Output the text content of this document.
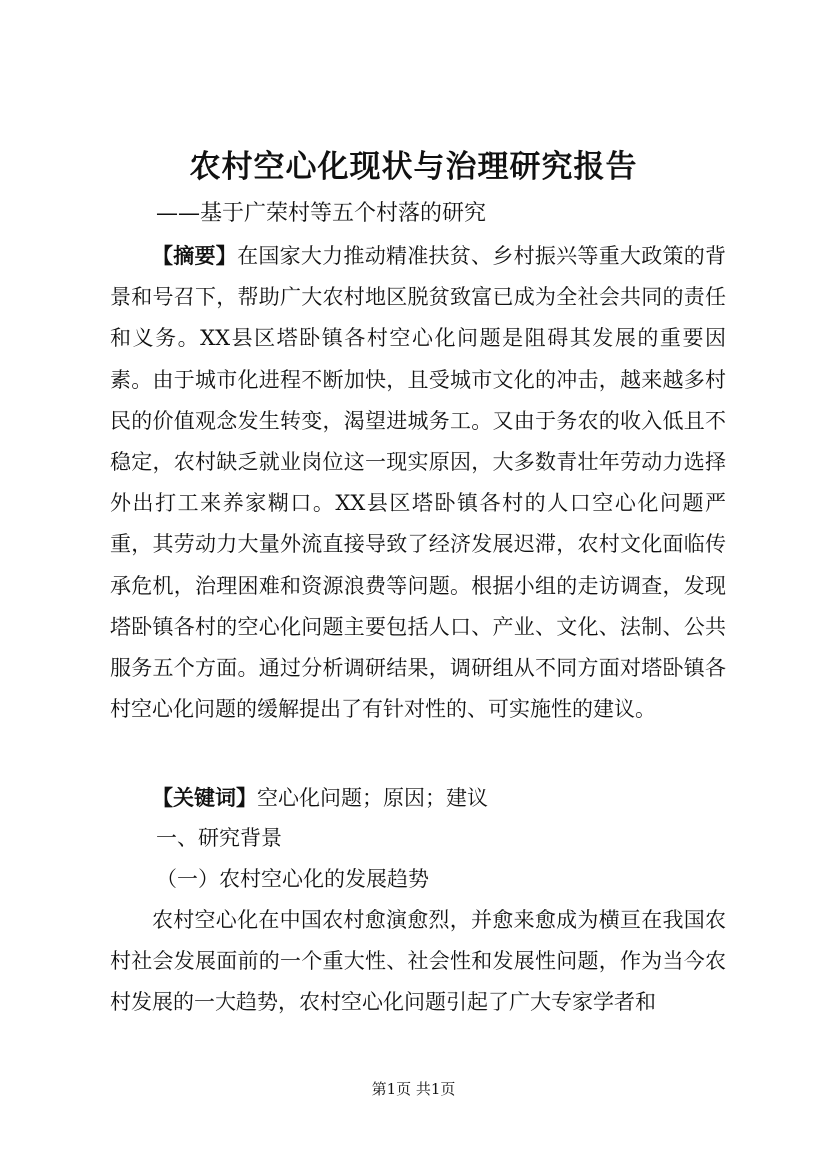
农村空心化现状与治理研究报告
——基于广荣村等五个村落的研究

【摘要】在国家大力推动精准扶贫、乡村振兴等重大政策的背景和号召下，帮助广大农村地区脱贫致富已成为全社会共同的责任和义务。XX县区塔卧镇各村空心化问题是阻碍其发展的重要因素。由于城市化进程不断加快，且受城市文化的冲击，越来越多村民的价值观念发生转变，渴望进城务工。又由于务农的收入低且不稳定，农村缺乏就业岗位这一现实原因，大多数青壮年劳动力选择外出打工来养家糊口。XX县区塔卧镇各村的人口空心化问题严重，其劳动力大量外流直接导致了经济发展迟滞，农村文化面临传承危机，治理困难和资源浪费等问题。根据小组的走访调查，发现塔卧镇各村的空心化问题主要包括人口、产业、文化、法制、公共服务五个方面。通过分析调研结果，调研组从不同方面对塔卧镇各村空心化问题的缓解提出了有针对性的、可实施性的建议。

【关键词】空心化问题；原因；建议

一、研究背景
（一）农村空心化的发展趋势

农村空心化在中国农村愈演愈烈，并愈来愈成为横亘在我国农村社会发展面前的一个重大性、社会性和发展性问题，作为当今农村发展的一大趋势，农村空心化问题引起了广大专家学者和

第1页 共1页
